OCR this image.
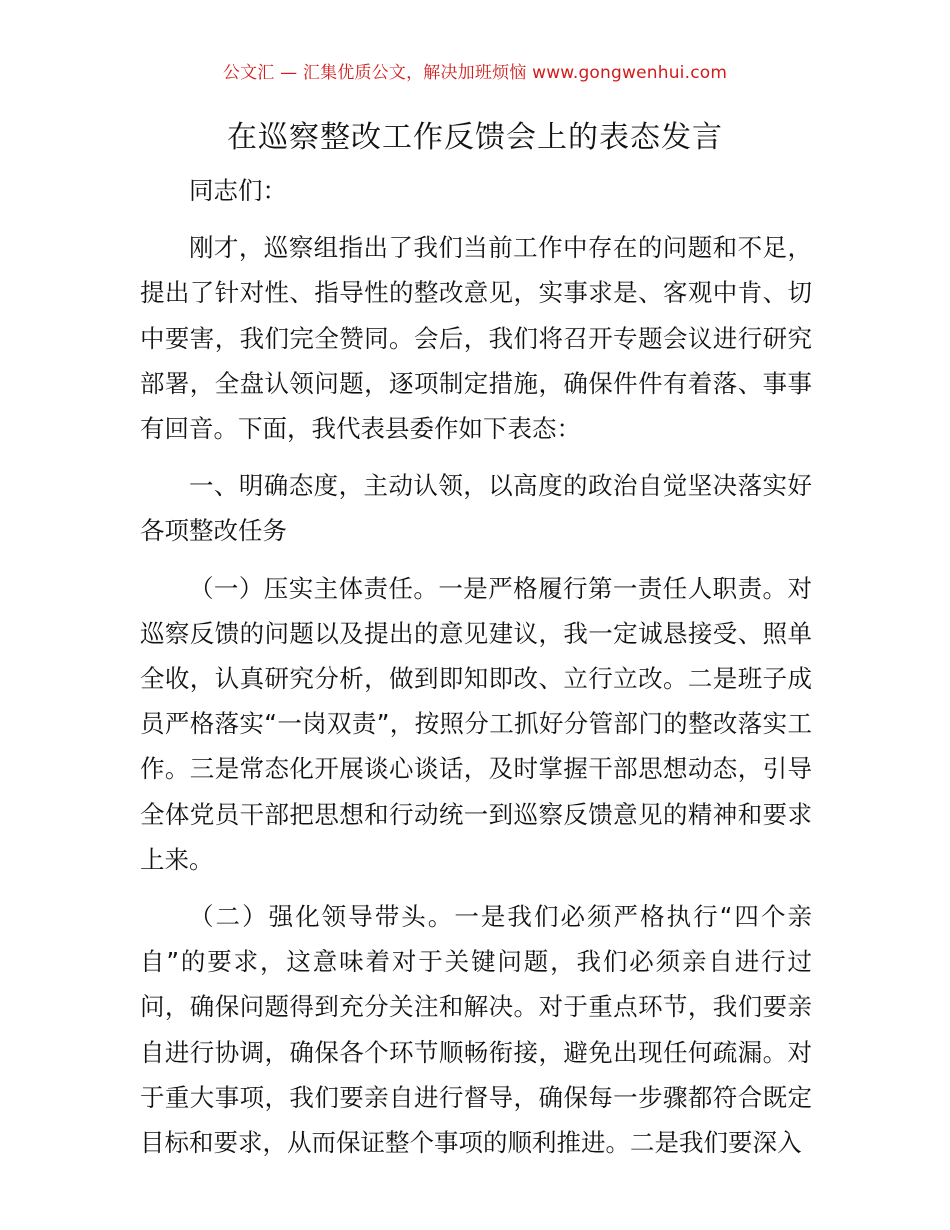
公文汇 — 汇集优质公文，解决加班烦恼 www.gongwenhui.com
在巡察整改工作反馈会上的表态发言

同志们：

刚才，巡察组指出了我们当前工作中存在的问题和不足，提出了针对性、指导性的整改意见，实事求是、客观中肯、切中要害，我们完全赞同。会后，我们将召开专题会议进行研究部署，全盘认领问题，逐项制定措施，确保件件有着落、事事有回音。下面，我代表县委作如下表态：

一、明确态度，主动认领，以高度的政治自觉坚决落实好各项整改任务

（一）压实主体责任。一是严格履行第一责任人职责。对巡察反馈的问题以及提出的意见建议，我一定诚恳接受、照单全收，认真研究分析，做到即知即改、立行立改。二是班子成员严格落实“一岗双责”，按照分工抓好分管部门的整改落实工作。三是常态化开展谈心谈话，及时掌握干部思想动态，引导全体党员干部把思想和行动统一到巡察反馈意见的精神和要求上来。

（二）强化领导带头。一是我们必须严格执行“四个亲自”的要求，这意味着对于关键问题，我们必须亲自进行过问，确保问题得到充分关注和解决。对于重点环节，我们要亲自进行协调，确保各个环节顺畅衔接，避免出现任何疏漏。对于重大事项，我们要亲自进行督导，确保每一步骤都符合既定目标和要求，从而保证整个事项的顺利推进。二是我们要深入
